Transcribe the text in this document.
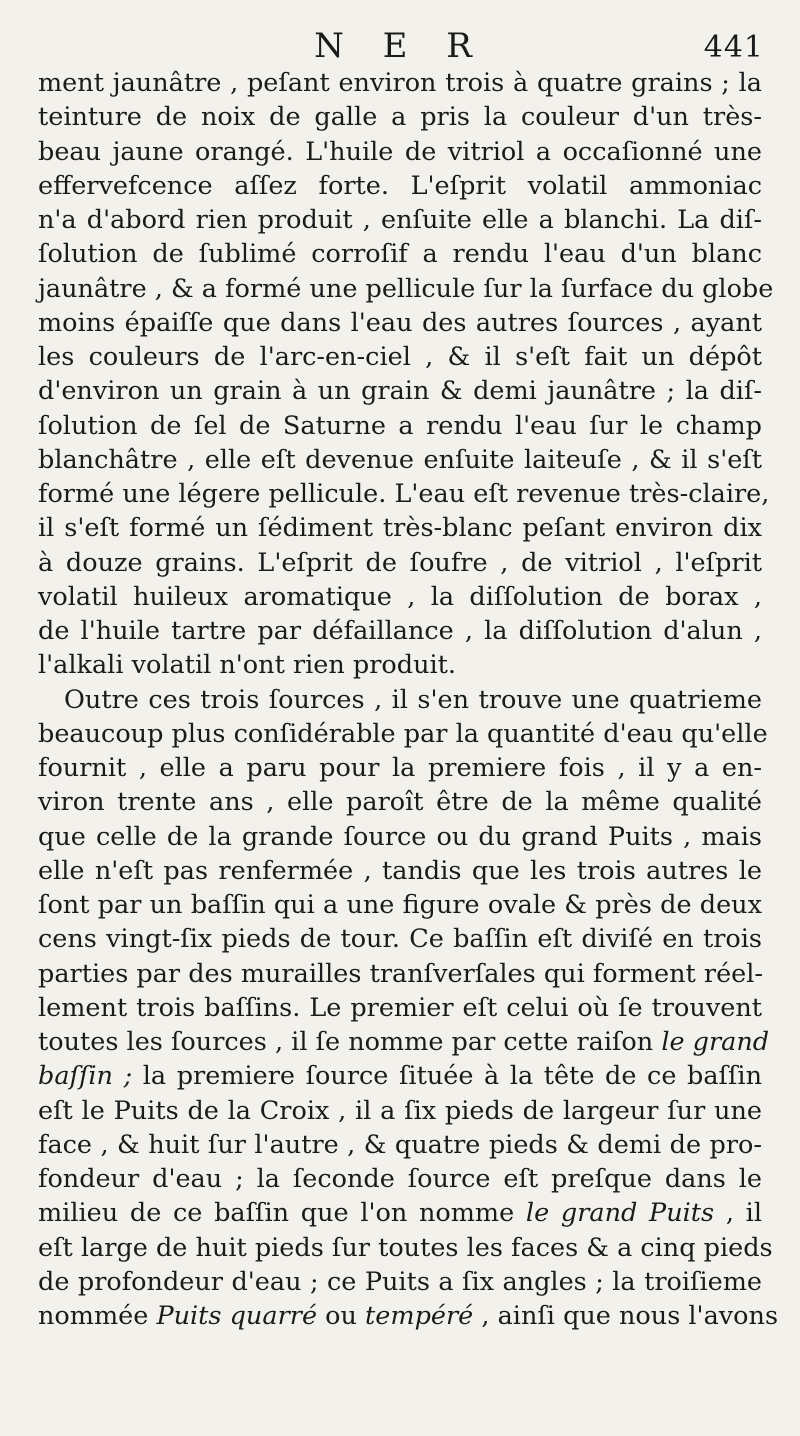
N E R	441
ment jaunâtre , peſant environ trois à quatre grains ; la
teinture de noix de galle a pris la couleur d'un très-
beau jaune orangé. L'huile de vitriol a occaſionné une
effervefcence aſſez forte. L'eſprit volatil ammoniac
n'a d'abord rien produit , enſuite elle a blanchi. La diſ-
ſolution de ſublimé corroſif a rendu l'eau d'un blanc
jaunâtre , & a formé une pellicule ſur la ſurface du globe
moins épaiſſe que dans l'eau des autres ſources , ayant
les couleurs de l'arc-en-ciel , & il s'eſt fait un dépôt
d'environ un grain à un grain & demi jaunâtre ; la diſ-
ſolution de ſel de Saturne a rendu l'eau ſur le champ
blanchâtre , elle eſt devenue enſuite laiteuſe , & il s'eſt
formé une légere pellicule. L'eau eſt revenue très-claire,
il s'eſt formé un ſédiment très-blanc peſant environ dix
à douze grains. L'eſprit de ſoufre , de vitriol , l'eſprit
volatil huileux aromatique , la diſſolution de borax ,
de l'huile tartre par défaillance , la diſſolution d'alun ,
l'alkali volatil n'ont rien produit.
Outre ces trois ſources , il s'en trouve une quatrieme
beaucoup plus conſidérable par la quantité d'eau qu'elle
fournit , elle a paru pour la premiere fois , il y a en-
viron trente ans , elle paroît être de la même qualité
que celle de la grande ſource ou du grand Puits , mais
elle n'eſt pas renfermée , tandis que les trois autres le
ſont par un baſſin qui a une figure ovale & près de deux
cens vingt-ſix pieds de tour. Ce baſſin eſt diviſé en trois
parties par des murailles tranſverſales qui forment réel-
lement trois baſſins. Le premier eſt celui où ſe trouvent
toutes les ſources , il ſe nomme par cette raiſon le grand
baſſin ; la premiere ſource ſituée à la tête de ce baſſin
eſt le Puits de la Croix , il a ſix pieds de largeur ſur une
face , & huit ſur l'autre , & quatre pieds & demi de pro-
fondeur d'eau ; la ſeconde ſource eſt preſque dans le
milieu de ce baſſin que l'on nomme le grand Puits , il
eſt large de huit pieds ſur toutes les faces & a cinq pieds
de profondeur d'eau ; ce Puits a ſix angles ; la troiſieme
nommée Puits quarré ou tempéré , ainſi que nous l'avons
